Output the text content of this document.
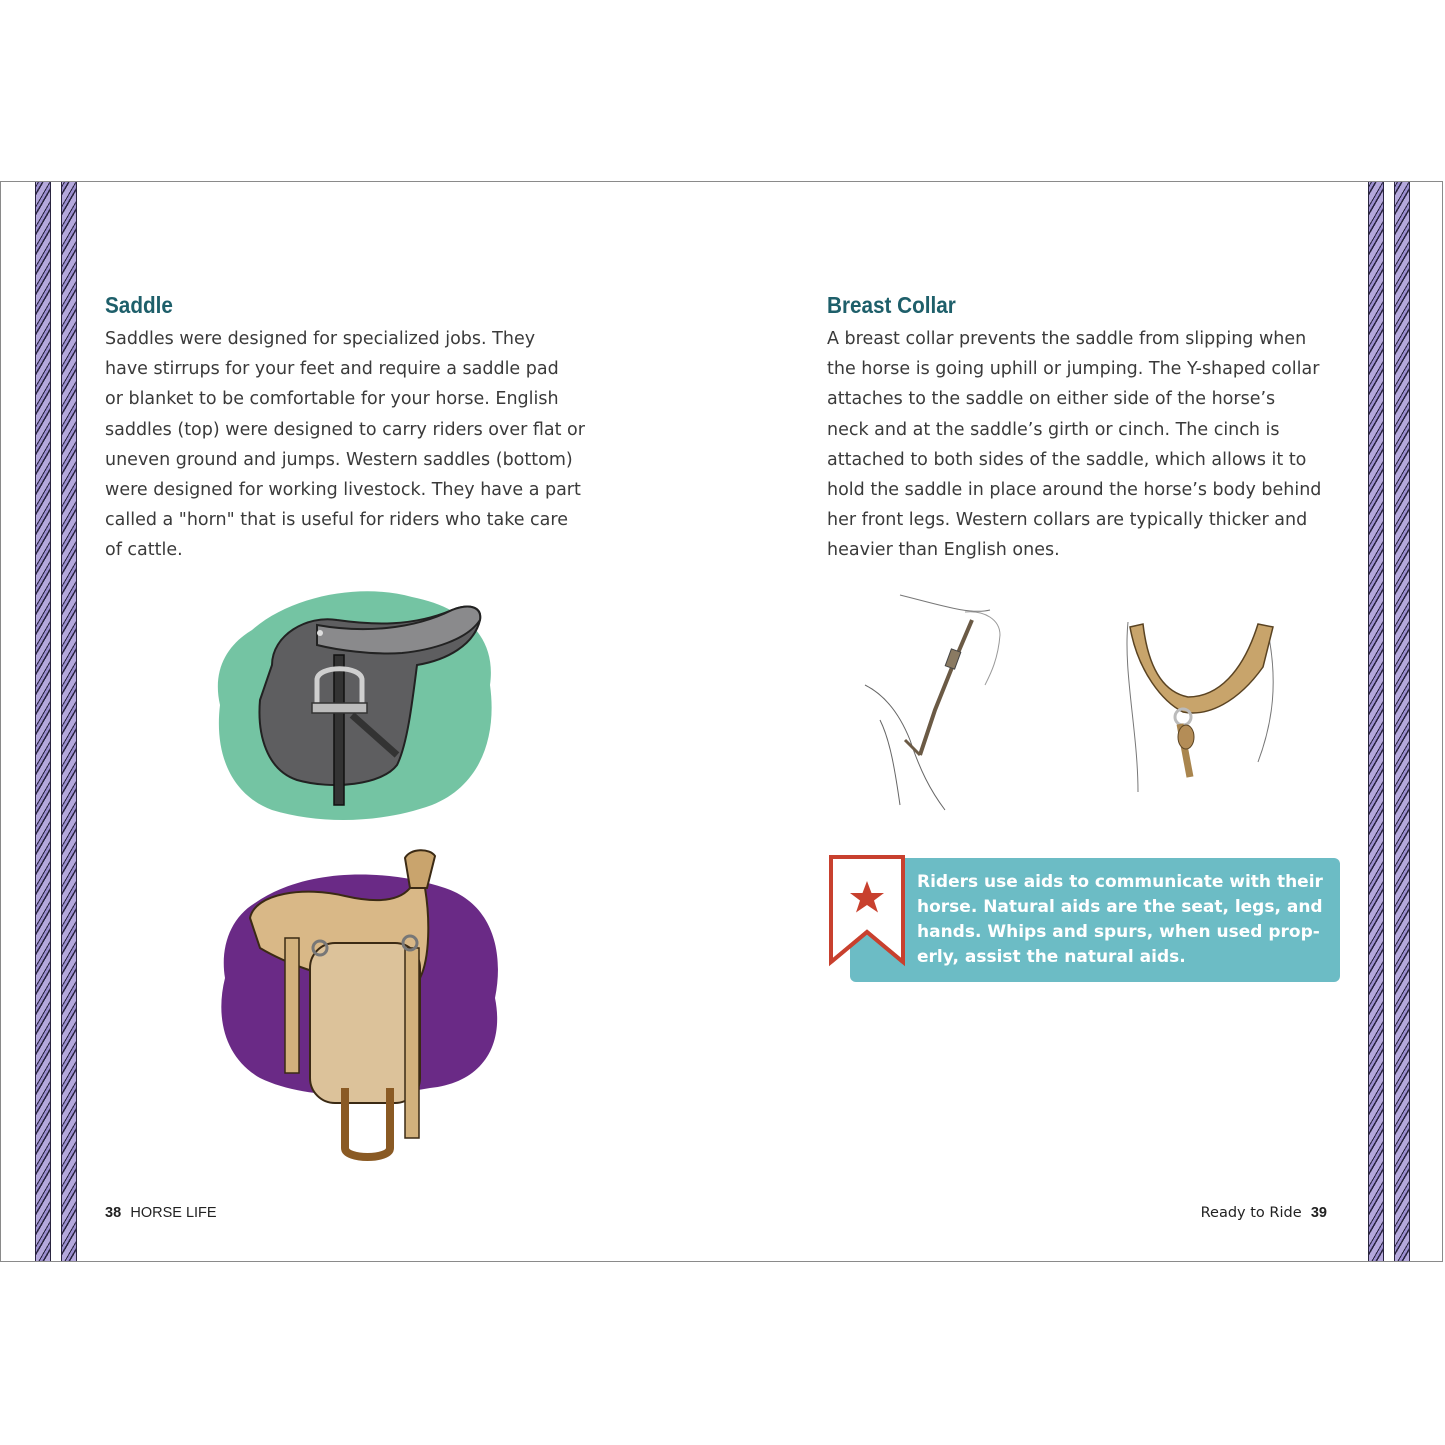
Saddle
Saddles were designed for specialized jobs. They
have stirrups for your feet and require a saddle pad
or blanket to be comfortable for your horse. English
saddles (top) were designed to carry riders over flat or
uneven ground and jumps. Western saddles (bottom)
were designed for working livestock. They have a part
called a "horn" that is useful for riders who take care
of cattle.
38 HORSE LIFE
Breast Collar
A breast collar prevents the saddle from slipping when
the horse is going uphill or jumping. The Y-shaped collar
attaches to the saddle on either side of the horse’s
neck and at the saddle’s girth or cinch. The cinch is
attached to both sides of the saddle, which allows it to
hold the saddle in place around the horse’s body behind
her front legs. Western collars are typically thicker and
heavier than English ones.
Riders use aids to communicate with their
horse. Natural aids are the seat, legs, and
hands. Whips and spurs, when used prop-
erly, assist the natural aids.
Ready to Ride 39
